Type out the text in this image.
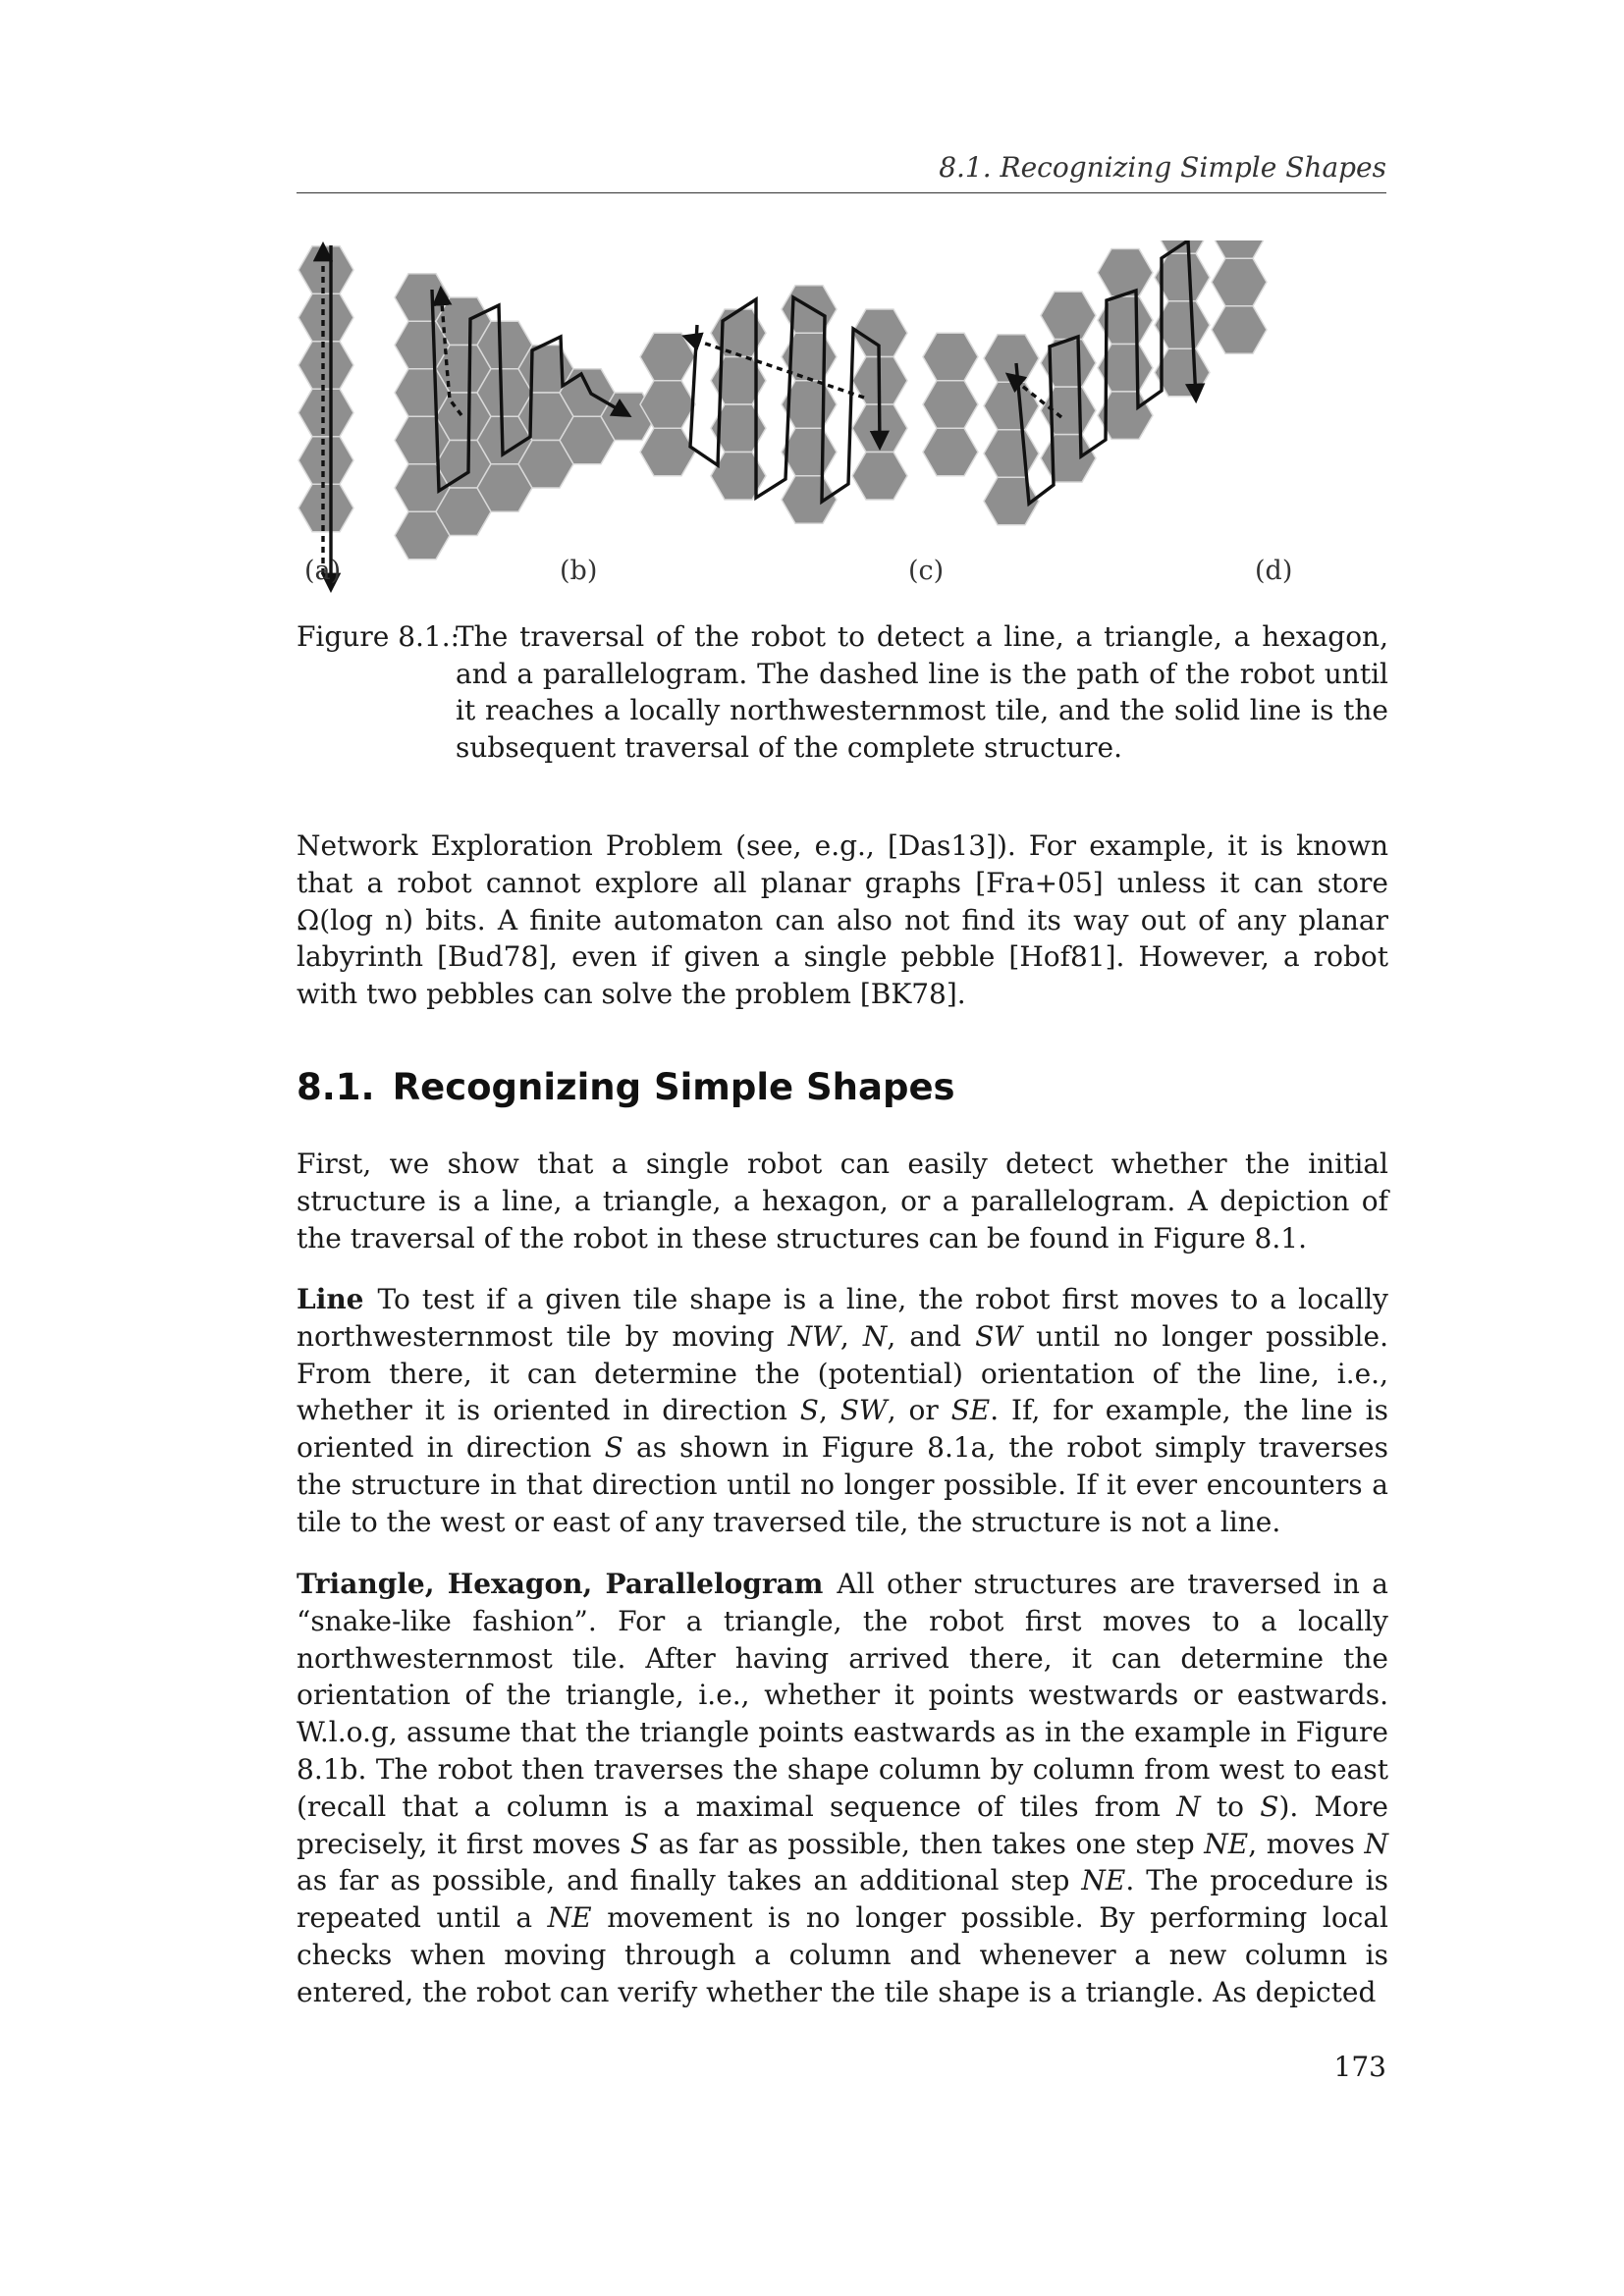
8.1. Recognizing Simple Shapes
(a)	(b)	(c)	(d)
Figure 8.1.:
The traversal of the robot to detect a line, a triangle, a hexagon, and a parallelogram. The dashed line is the path of the robot until it reaches a locally northwesternmost tile, and the solid line is the subsequent traversal of the complete structure.
Network Exploration Problem (see, e.g., [Das13]). For example, it is known that a robot cannot explore all planar graphs [Fra+05] unless it can store Ω(log n) bits. A finite automaton can also not find its way out of any planar labyrinth [Bud78], even if given a single pebble [Hof81]. However, a robot with two pebbles can solve the problem [BK78].
8.1. Recognizing Simple Shapes
First, we show that a single robot can easily detect whether the initial structure is a line, a triangle, a hexagon, or a parallelogram. A depiction of the traversal of the robot in these structures can be found in Figure 8.1.
Line To test if a given tile shape is a line, the robot first moves to a locally northwesternmost tile by moving NW, N, and SW until no longer possible. From there, it can determine the (potential) orientation of the line, i.e., whether it is oriented in direction S, SW, or SE. If, for example, the line is oriented in direction S as shown in Figure 8.1a, the robot simply traverses the structure in that direction until no longer possible. If it ever encounters a tile to the west or east of any traversed tile, the structure is not a line.
Triangle, Hexagon, Parallelogram All other structures are traversed in a “snake-like fashion”. For a triangle, the robot first moves to a locally northwesternmost tile. After having arrived there, it can determine the orientation of the triangle, i.e., whether it points westwards or eastwards. W.l.o.g, assume that the triangle points eastwards as in the example in Figure 8.1b. The robot then traverses the shape column by column from west to east (recall that a column is a maximal sequence of tiles from N to S). More precisely, it first moves S as far as possible, then takes one step NE, moves N as far as possible, and finally takes an additional step NE. The procedure is repeated until a NE movement is no longer possible. By performing local checks when moving through a column and whenever a new column is entered, the robot can verify whether the tile shape is a triangle. As depicted
173
